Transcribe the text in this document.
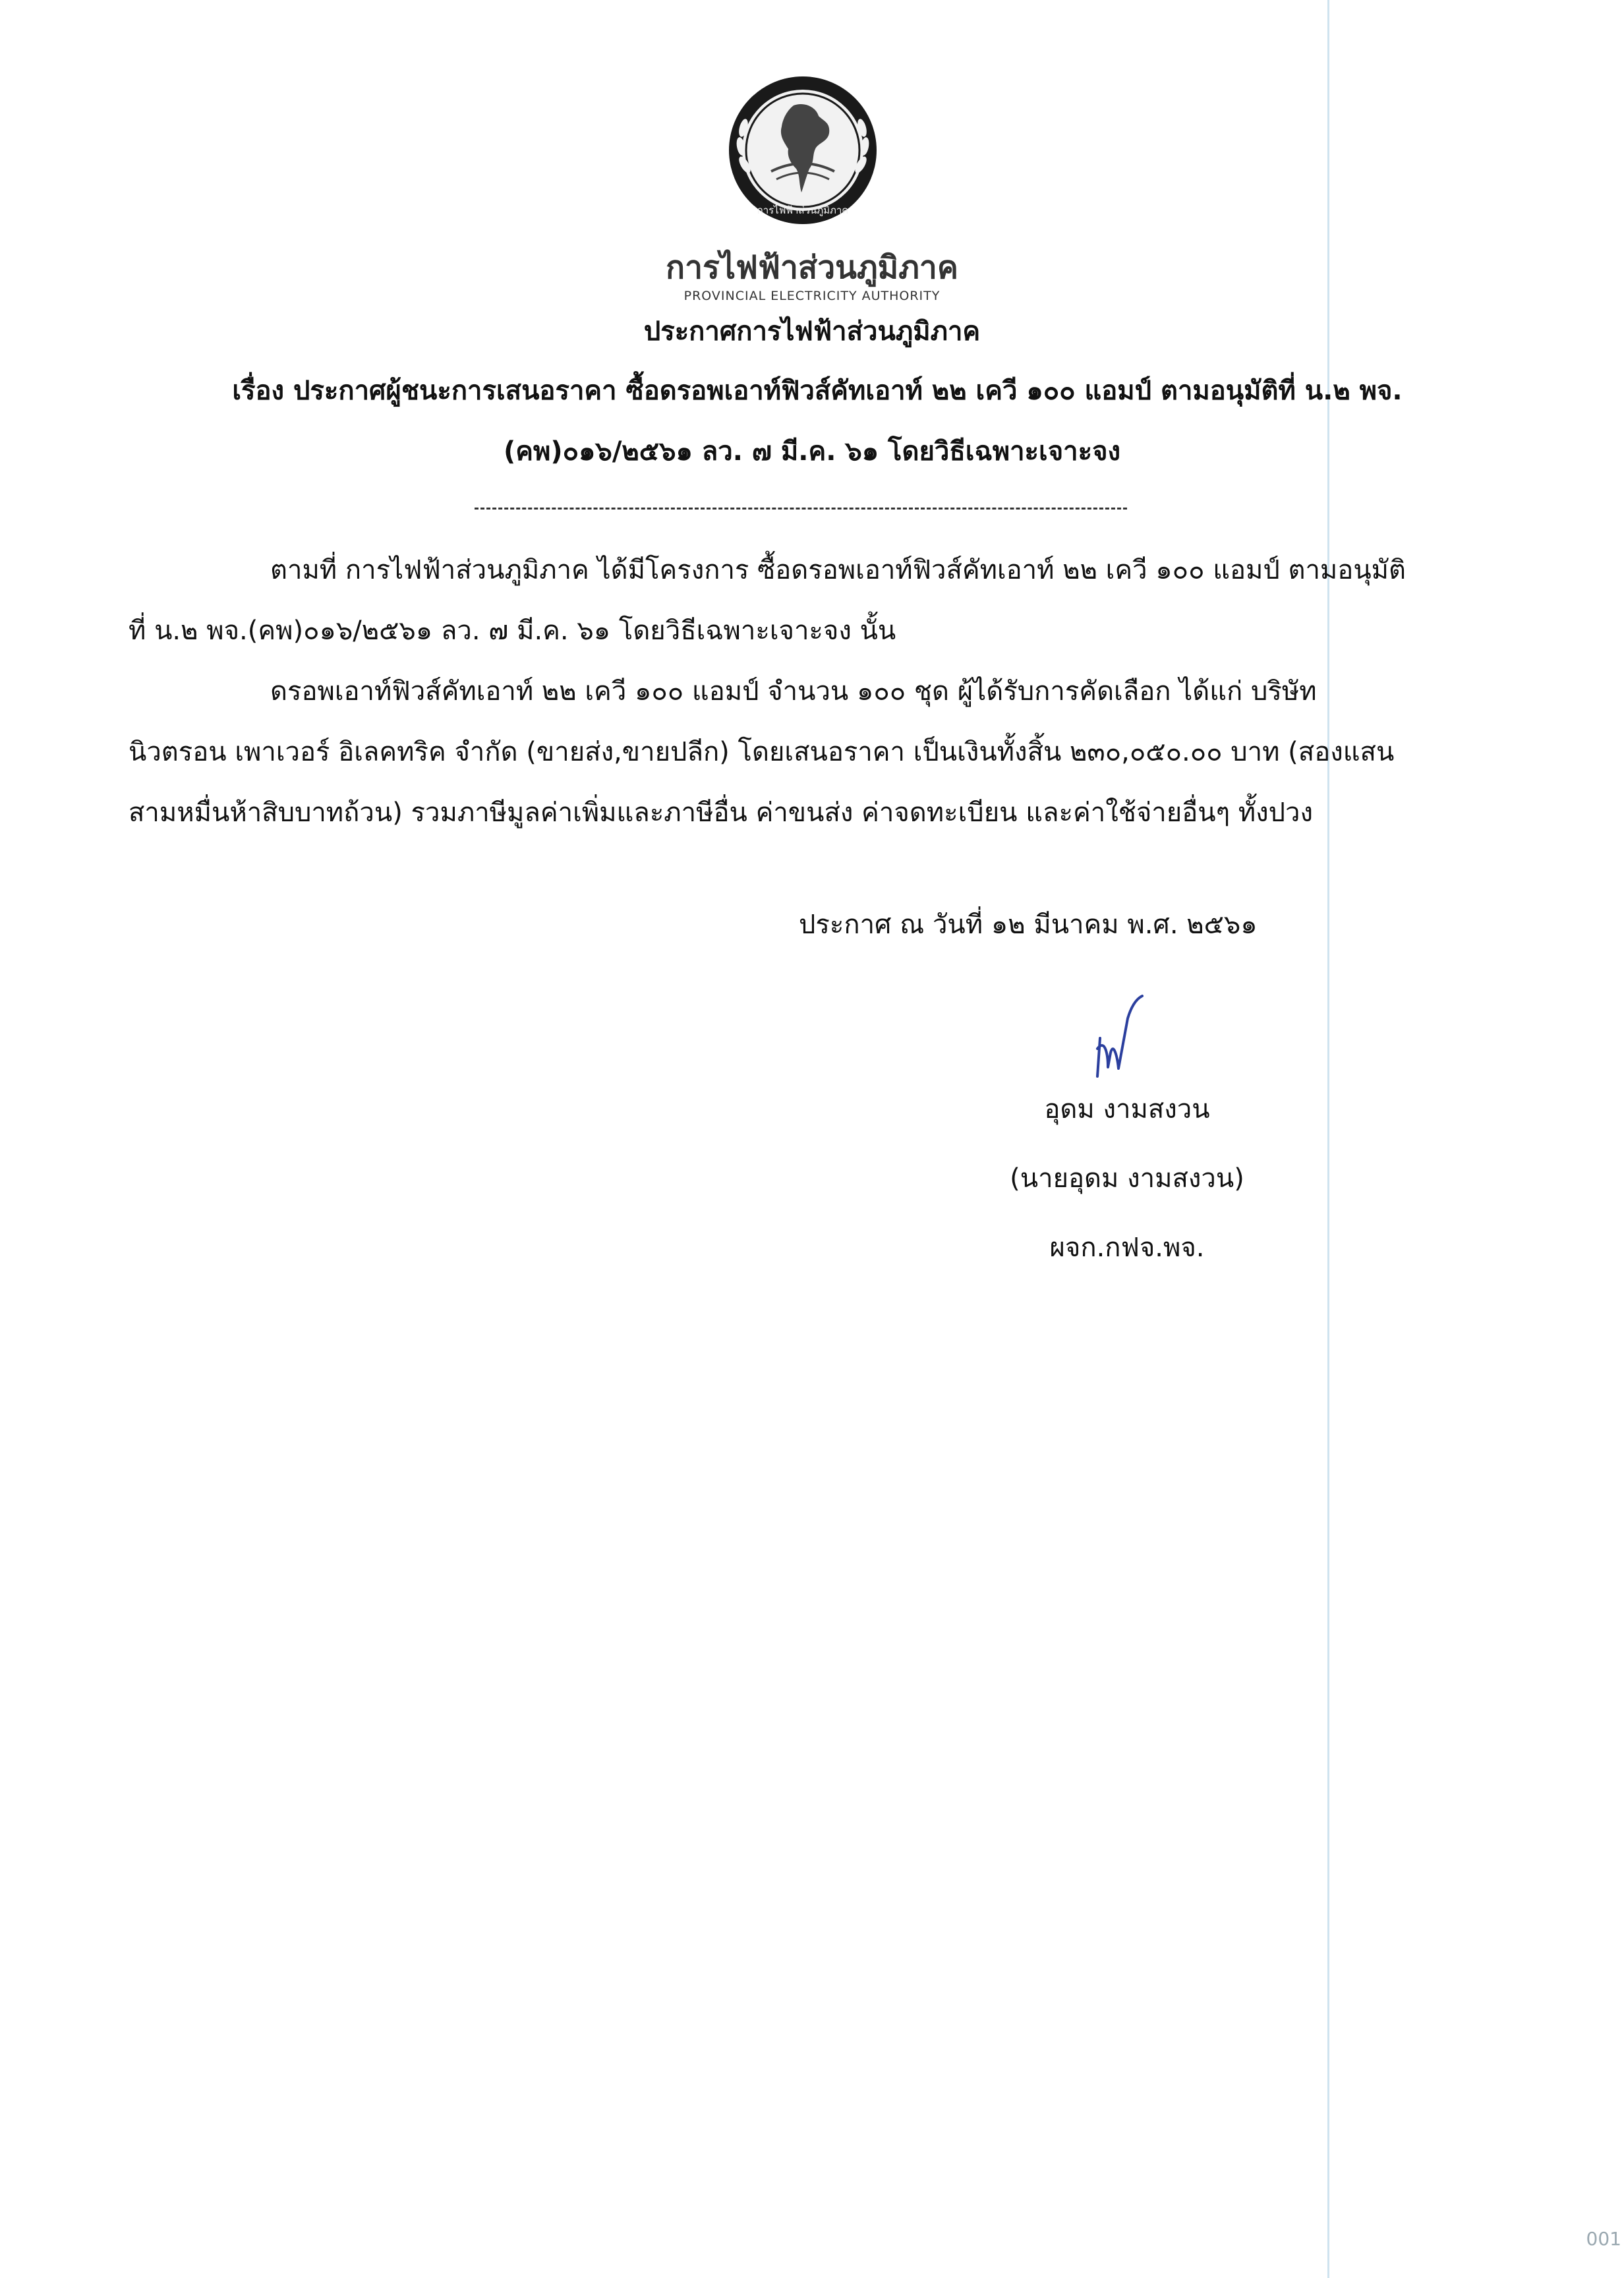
การไฟฟ้าส่วนภูมิภาค
การไฟฟ้าส่วนภูมิภาค
PROVINCIAL ELECTRICITY AUTHORITY
ประกาศการไฟฟ้าส่วนภูมิภาค
เรื่อง ประกาศผู้ชนะการเสนอราคา ซื้อดรอพเอาท์ฟิวส์คัทเอาท์ ๒๒ เควี ๑๐๐ แอมป์ ตามอนุมัติที่ น.๒ พจ.
(คพ)๐๑๖/๒๕๖๑ ลว. ๗ มี.ค. ๖๑ โดยวิธีเฉพาะเจาะจง
ตามที่ การไฟฟ้าส่วนภูมิภาค ได้มีโครงการ ซื้อดรอพเอาท์ฟิวส์คัทเอาท์ ๒๒ เควี ๑๐๐ แอมป์ ตามอนุมัติ
ที่ น.๒ พจ.(คพ)๐๑๖/๒๕๖๑ ลว. ๗ มี.ค. ๖๑ โดยวิธีเฉพาะเจาะจง นั้น
ดรอพเอาท์ฟิวส์คัทเอาท์ ๒๒ เควี ๑๐๐ แอมป์ จำนวน ๑๐๐ ชุด ผู้ได้รับการคัดเลือก ได้แก่ บริษัท
นิวตรอน เพาเวอร์ อิเลคทริค จำกัด (ขายส่ง,ขายปลีก) โดยเสนอราคา เป็นเงินทั้งสิ้น ๒๓๐,๐๕๐.๐๐ บาท (สองแสน
สามหมื่นห้าสิบบาทถ้วน) รวมภาษีมูลค่าเพิ่มและภาษีอื่น ค่าขนส่ง ค่าจดทะเบียน และค่าใช้จ่ายอื่นๆ ทั้งปวง
ประกาศ ณ วันที่ ๑๒ มีนาคม พ.ศ. ๒๕๖๑
อุดม งามสงวน
(นายอุดม งามสงวน)
ผจก.กฟจ.พจ.
001
